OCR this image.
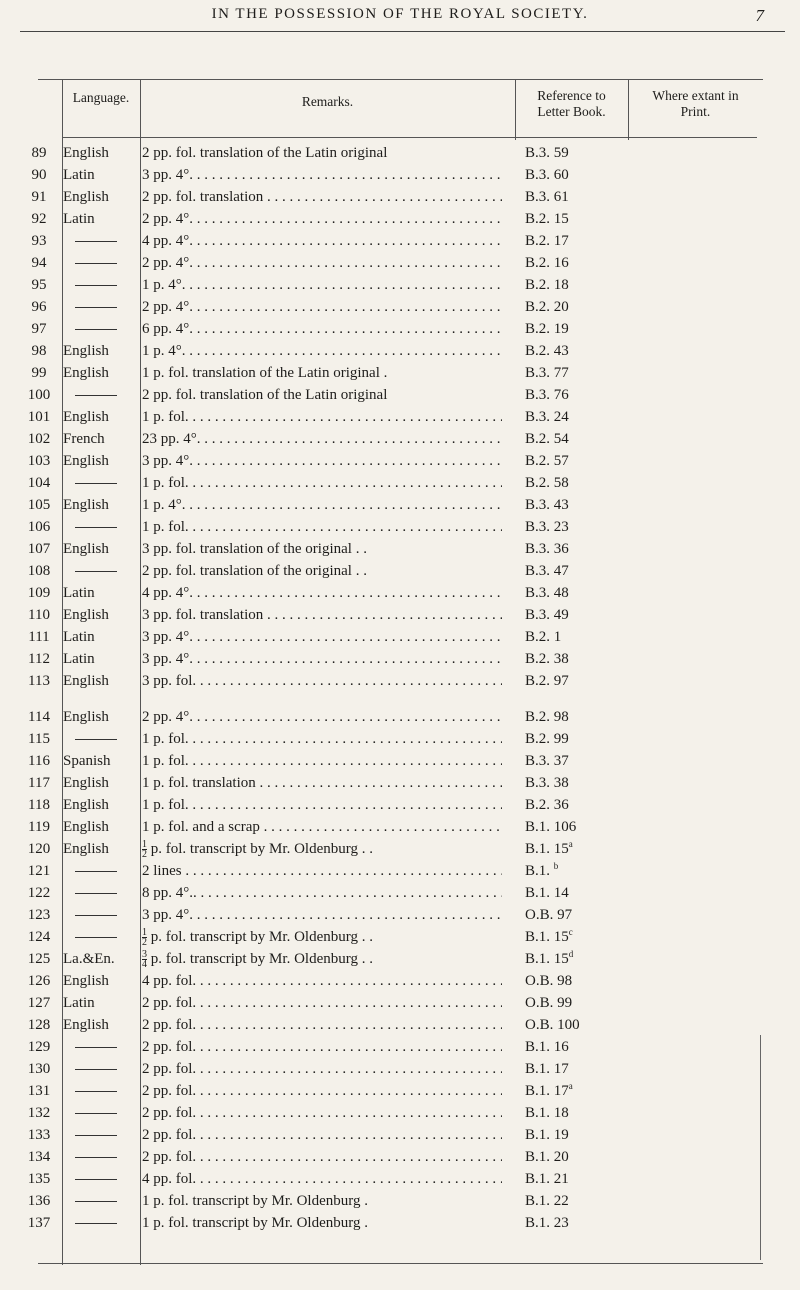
IN THE POSSESSION OF THE ROYAL SOCIETY.	7
Language.	Remarks.	Reference to
Letter Book.
Where extant in
Print.
89	English	2 pp. fol. translation of the Latin original	B.3. 59
90	Latin	3 pp. 4°. . . .	B.3. 60
91	English	2 pp. fol. translation . . .	B.3. 61
92	Latin	2 pp. 4°. . . .	B.2. 15
93	4 pp. 4°. . . .	B.2. 17
94	2 pp. 4°. . . .	B.2. 16
95	1 p. 4°. . . .	B.2. 18
96	2 pp. 4°. . . .	B.2. 20
97	6 pp. 4°. . . .	B.2. 19
98	English	1 p. 4°. . . .	B.2. 43
99	English	1 p. fol. translation of the Latin original .	B.3. 77
100	2 pp. fol. translation of the Latin original	B.3. 76
101 English	1 p. fol. . . .	B.3. 24
102 French	23 pp. 4°. . . .	B.2. 54
103 English	3 pp. 4°. . . .	B.2. 57
104	1 p. fol. . . .	B.2. 58
105 English	1 p. 4°. . . .	B.3. 43
106	1 p. fol. . . .	B.3. 23
107 English	3 pp. fol. translation of the original . .	B.3. 36
108	2 pp. fol. translation of the original . .	B.3. 47
109 Latin	4 pp. 4°. . . .	B.3. 48
110 English	3 pp. fol. translation . . .	B.3. 49
111 Latin	3 pp. 4°. . . .	B.2. 1
112 Latin	3 pp. 4°. . . .	B.2. 38
113 English	3 pp. fol. . . .	B.2. 97
114 English	2 pp. 4°. . . .	B.2. 98
115	1 p. fol. . . .	B.2. 99
116 Spanish	1 p. fol. . . .	B.3. 37
117 English	1 p. fol. translation . . .	B.3. 38
118 English	1 p. fol. . . .	B.2. 36
119 English	1 p. fol. and a scrap . . .	B.1. 106
120 English	$\frac{1}{2} p$. fol. transcript by Mr. Oldenburg . .	B.1. 15$^a$
121	2 lines . . .	B.1. $^b$
122	8 pp. 4°.. . . .	B.1. 14
123	3 pp. 4°. . . .	O.B. 97
124	$\frac{1}{2} p$. fol. transcript by Mr. Oldenburg . .	B.1. 15$^c$
125 La.&En.	$\frac{3}{4} p$. fol. transcript by Mr. Oldenburg . .	B.1. 15$^d$
126 English	4 pp. fol. . . .	O.B. 98
127 Latin	2 pp. fol. . . .	O.B. 99
128 English	2 pp. fol. . . .	O.B. 100
129	2 pp. fol. . . .	B.1. 16
130	2 pp. fol. . . .	B.1. 17
131	2 pp. fol. . . .	B.1. 17$^a$
132	2 pp. fol. . . .	B.1. 18
133	2 pp. fol. . . .	B.1. 19
134	2 pp. fol. . . .	B.1. 20
135	4 pp. fol. . . .	B.1. 21
136	1 p. fol. transcript by Mr. Oldenburg .	B.1. 22
137	1 p. fol. transcript by Mr. Oldenburg .	B.1. 23
